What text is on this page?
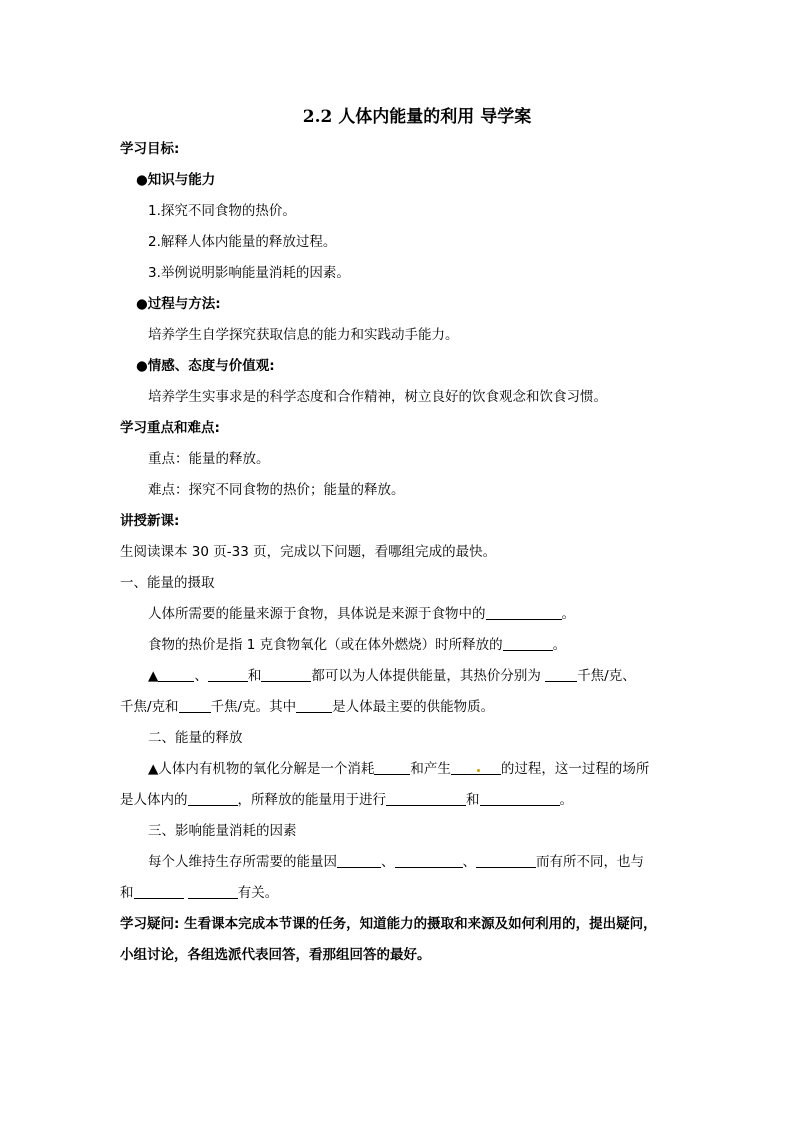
2.2 人体内能量的利用 导学案
学习目标:
●知识与能力
1.探究不同食物的热价。
2.解释人体内能量的释放过程。
3.举例说明影响能量消耗的因素。
●过程与方法:
培养学生自学探究获取信息的能力和实践动手能力。
●情感、态度与价值观:
培养学生实事求是的科学态度和合作精神，树立良好的饮食观念和饮食习惯。
学习重点和难点:
重点：能量的释放。
难点：探究不同食物的热价；能量的释放。
讲授新课:
生阅读课本 30 页-33 页，完成以下问题，看哪组完成的最快。
一、能量的摄取
人体所需要的能量来源于食物，具体说是来源于食物中的	。
食物的热价是指 1 克食物氧化（或在体外燃烧）时所释放的	。
▲	、	和	都可以为人体提供能量，其热价分别为	千焦/克、
千焦/克和 千焦/克。其中	是人体最主要的供能物质。
二、能量的释放
▲人体内有机物的氧化分解是一个消耗	和产生	的过程，这一过程的场所
是人体内的	，所释放的能量用于进行	和	。
三、影响能量消耗的因素
每个人维持生存所需要的能量因	、	、	而有所不同，也与
和	有关。
学习疑问: 生看课本完成本节课的任务，知道能力的摄取和来源及如何利用的，提出疑问，
小组讨论，各组选派代表回答，看那组回答的最好。
